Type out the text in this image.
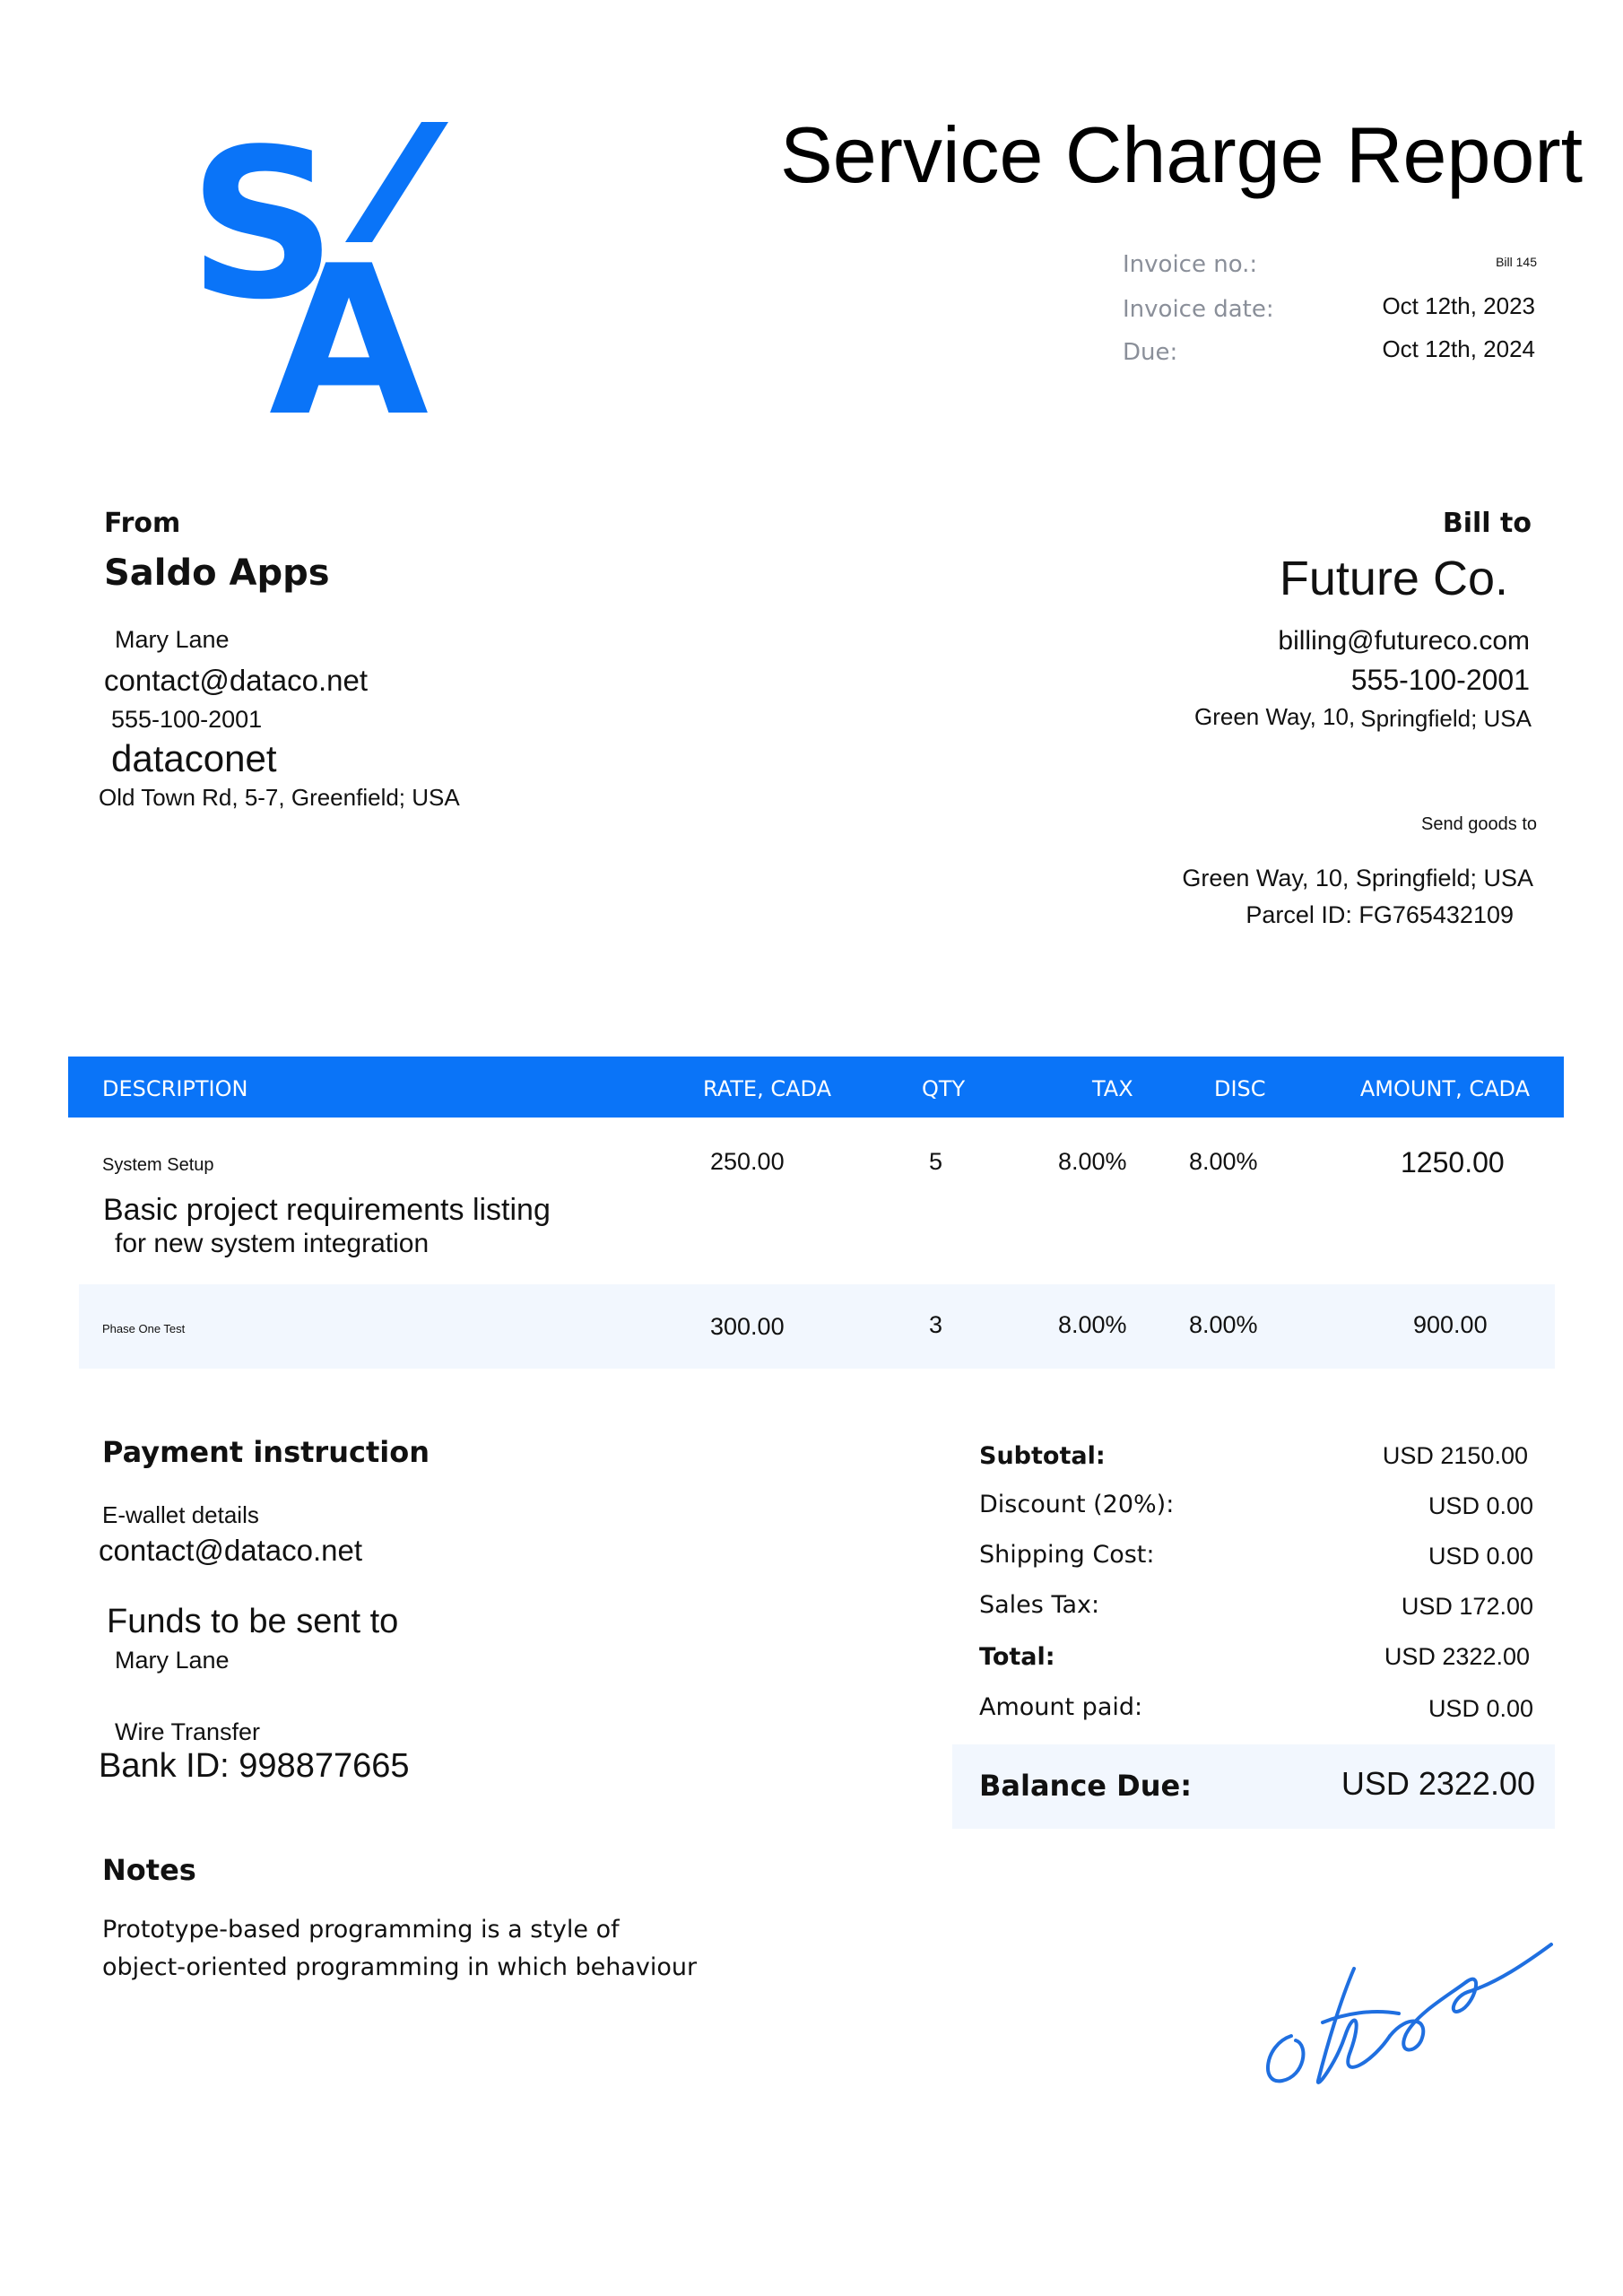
S
A
Service Charge Report
Invoice no.:	Bill 145
Invoice date:	Oct 12th, 2023
Due:	Oct 12th, 2024
From
Saldo Apps
Mary Lane
contact@dataco.net
555-100-2001
dataconet
Old Town Rd, 5-7, Greenfield; USA
Bill to
Future Co.
billing@futureco.com
555-100-2001
Green Way, 10, Springfield; USA
Send goods to
Green Way, 10, Springfield; USA
Parcel ID: FG765432109
DESCRIPTION	RATE, CADA	QTY	TAX	DISC	AMOUNT, CADA
System Setup
Basic project requirements listing
for new system integration
250.00	5	8.00%	8.00%	1250.00
Phase One Test	300.00	3	8.00%	8.00%	900.00
Payment instruction
E-wallet details
contact@dataco.net
Funds to be sent to
Mary Lane
Wire Transfer
Bank ID: 998877665
Subtotal:	USD 2150.00
Discount (20%):	USD 0.00
Shipping Cost:	USD 0.00
Sales Tax:	USD 172.00
Total:	USD 2322.00
Amount paid:	USD 0.00
Balance Due:	USD 2322.00
Notes
Prototype-based programming is a style of
object-oriented programming in which behaviour
